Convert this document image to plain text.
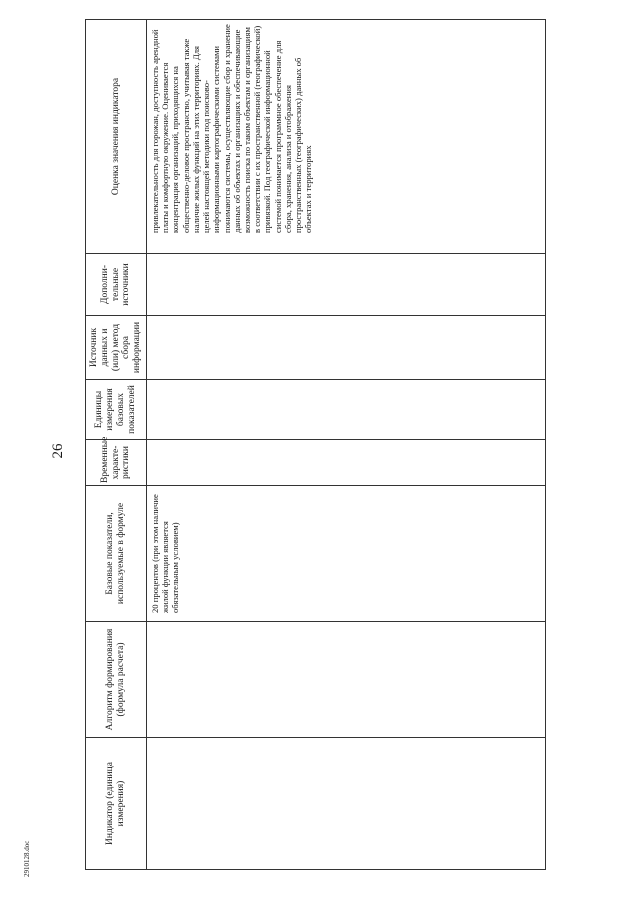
26
2910128.doc
Индикатор (единица измерения)	Алгоритм формирования (формула расчета)	Базовые показатели, используемые в формуле	Временные характе-ристики	Единицы измерения базовых показателей	Источник данных и (или) метод сбора информации	Дополни-тельные источники	Оценка значения индикатора
		20 процентов (при этом наличие жилой функции является обязательным условием)					привлекательность для горожан, доступность арендной платы и комфортную окружение. Оценивается концентрация организаций, приходящихся на общественно-деловое пространство, учитывая также наличие жилых функций на этих территориях. Для целей настоящей методики под поисково-информационными картографическими системами понимаются системы, осуществляющие сбор и хранение данных об объектах и организациях и обеспечивающие возможность поиска по таким объектам и организациям в соответствии с их пространственной (географической) привязкой. Под географической информационной системой понимается программное обеспечение для сбора, хранения, анализа и отображения пространственных (географических) данных об объектах и территориях
